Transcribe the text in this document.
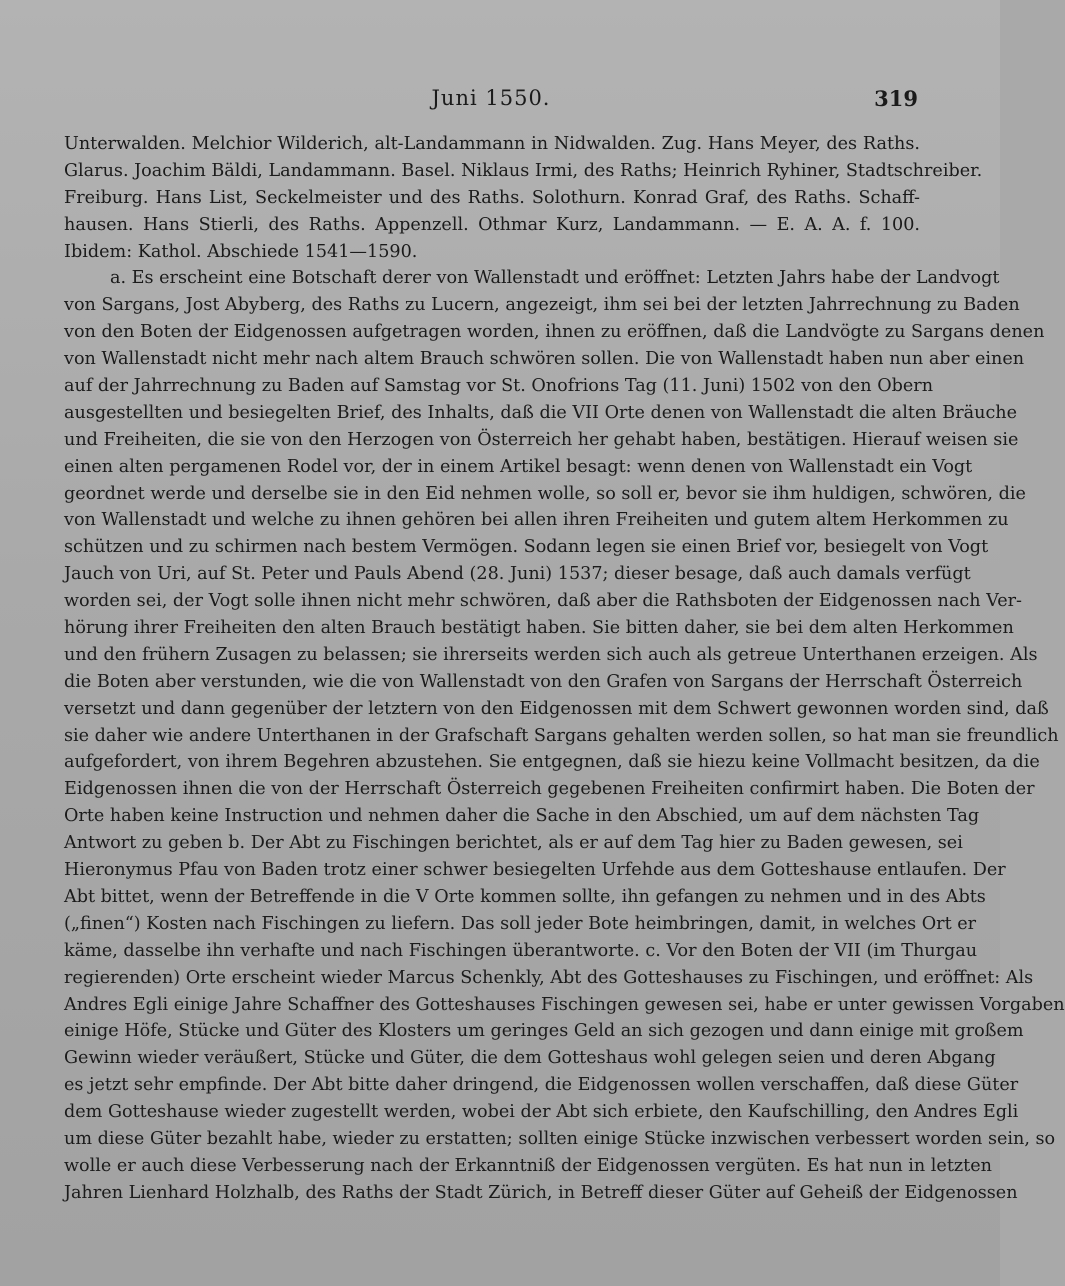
Juni 1550.	319
Unterwalden. Melchior Wilderich, alt-Landammann in Nidwalden. Zug. Hans Meyer, des Raths.
Glarus. Joachim Bäldi, Landammann. Basel. Niklaus Irmi, des Raths; Heinrich Ryhiner, Stadtschreiber.
Freiburg. Hans List, Seckelmeister und des Raths. Solothurn. Konrad Graf, des Raths. Schaff-
hausen. Hans Stierli, des Raths. Appenzell. Othmar Kurz, Landammann. — E. A. A. f. 100.
Ibidem: Kathol. Abschiede 1541—1590.
a. Es erscheint eine Botschaft derer von Wallenstadt und eröffnet: Letzten Jahrs habe der Landvogt
von Sargans, Jost Abyberg, des Raths zu Lucern, angezeigt, ihm sei bei der letzten Jahrrechnung zu Baden
von den Boten der Eidgenossen aufgetragen worden, ihnen zu eröffnen, daß die Landvögte zu Sargans denen
von Wallenstadt nicht mehr nach altem Brauch schwören sollen. Die von Wallenstadt haben nun aber einen
auf der Jahrrechnung zu Baden auf Samstag vor St. Onofrions Tag (11. Juni) 1502 von den Obern
ausgestellten und besiegelten Brief, des Inhalts, daß die VII Orte denen von Wallenstadt die alten Bräuche
und Freiheiten, die sie von den Herzogen von Österreich her gehabt haben, bestätigen. Hierauf weisen sie
einen alten pergamenen Rodel vor, der in einem Artikel besagt: wenn denen von Wallenstadt ein Vogt
geordnet werde und derselbe sie in den Eid nehmen wolle, so soll er, bevor sie ihm huldigen, schwören, die
von Wallenstadt und welche zu ihnen gehören bei allen ihren Freiheiten und gutem altem Herkommen zu
schützen und zu schirmen nach bestem Vermögen. Sodann legen sie einen Brief vor, besiegelt von Vogt
Jauch von Uri, auf St. Peter und Pauls Abend (28. Juni) 1537; dieser besage, daß auch damals verfügt
worden sei, der Vogt solle ihnen nicht mehr schwören, daß aber die Rathsboten der Eidgenossen nach Ver-
hörung ihrer Freiheiten den alten Brauch bestätigt haben. Sie bitten daher, sie bei dem alten Herkommen
und den frühern Zusagen zu belassen; sie ihrerseits werden sich auch als getreue Unterthanen erzeigen. Als
die Boten aber verstunden, wie die von Wallenstadt von den Grafen von Sargans der Herrschaft Österreich
versetzt und dann gegenüber der letztern von den Eidgenossen mit dem Schwert gewonnen worden sind, daß
sie daher wie andere Unterthanen in der Grafschaft Sargans gehalten werden sollen, so hat man sie freundlich
aufgefordert, von ihrem Begehren abzustehen. Sie entgegnen, daß sie hiezu keine Vollmacht besitzen, da die
Eidgenossen ihnen die von der Herrschaft Österreich gegebenen Freiheiten confirmirt haben. Die Boten der
Orte haben keine Instruction und nehmen daher die Sache in den Abschied, um auf dem nächsten Tag
Antwort zu geben b. Der Abt zu Fischingen berichtet, als er auf dem Tag hier zu Baden gewesen, sei
Hieronymus Pfau von Baden trotz einer schwer besiegelten Urfehde aus dem Gotteshause entlaufen. Der
Abt bittet, wenn der Betreffende in die V Orte kommen sollte, ihn gefangen zu nehmen und in des Abts
(„finen“) Kosten nach Fischingen zu liefern. Das soll jeder Bote heimbringen, damit, in welches Ort er
käme, dasselbe ihn verhafte und nach Fischingen überantworte. c. Vor den Boten der VII (im Thurgau
regierenden) Orte erscheint wieder Marcus Schenkly, Abt des Gotteshauses zu Fischingen, und eröffnet: Als
Andres Egli einige Jahre Schaffner des Gotteshauses Fischingen gewesen sei, habe er unter gewissen Vorgaben
einige Höfe, Stücke und Güter des Klosters um geringes Geld an sich gezogen und dann einige mit großem
Gewinn wieder veräußert, Stücke und Güter, die dem Gotteshaus wohl gelegen seien und deren Abgang
es jetzt sehr empfinde. Der Abt bitte daher dringend, die Eidgenossen wollen verschaffen, daß diese Güter
dem Gotteshause wieder zugestellt werden, wobei der Abt sich erbiete, den Kaufschilling, den Andres Egli
um diese Güter bezahlt habe, wieder zu erstatten; sollten einige Stücke inzwischen verbessert worden sein, so
wolle er auch diese Verbesserung nach der Erkanntniß der Eidgenossen vergüten. Es hat nun in letzten
Jahren Lienhard Holzhalb, des Raths der Stadt Zürich, in Betreff dieser Güter auf Geheiß der Eidgenossen
